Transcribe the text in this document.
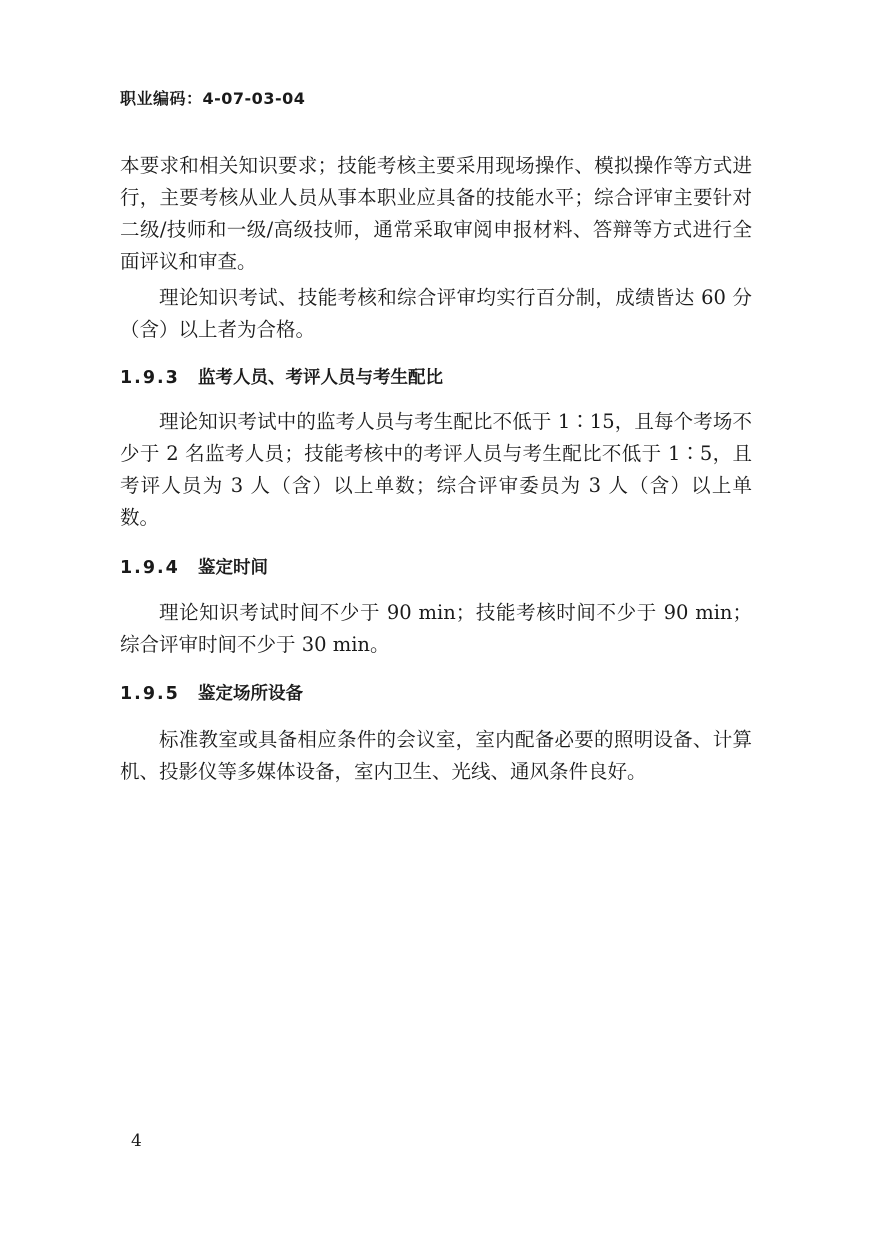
职业编码：4-07-03-04

本要求和相关知识要求；技能考核主要采用现场操作、模拟操作等方式进行，主要考核从业人员从事本职业应具备的技能水平；综合评审主要针对二级/技师和一级/高级技师，通常采取审阅申报材料、答辩等方式进行全面评议和审查。

理论知识考试、技能考核和综合评审均实行百分制，成绩皆达 60 分（含）以上者为合格。

1.9.3 监考人员、考评人员与考生配比

理论知识考试中的监考人员与考生配比不低于 1∶15，且每个考场不少于 2 名监考人员；技能考核中的考评人员与考生配比不低于 1∶5，且考评人员为 3 人（含）以上单数；综合评审委员为 3 人（含）以上单数。

1.9.4 鉴定时间

理论知识考试时间不少于 90 min；技能考核时间不少于 90 min；综合评审时间不少于 30 min。

1.9.5 鉴定场所设备

标准教室或具备相应条件的会议室，室内配备必要的照明设备、计算机、投影仪等多媒体设备，室内卫生、光线、通风条件良好。

4
